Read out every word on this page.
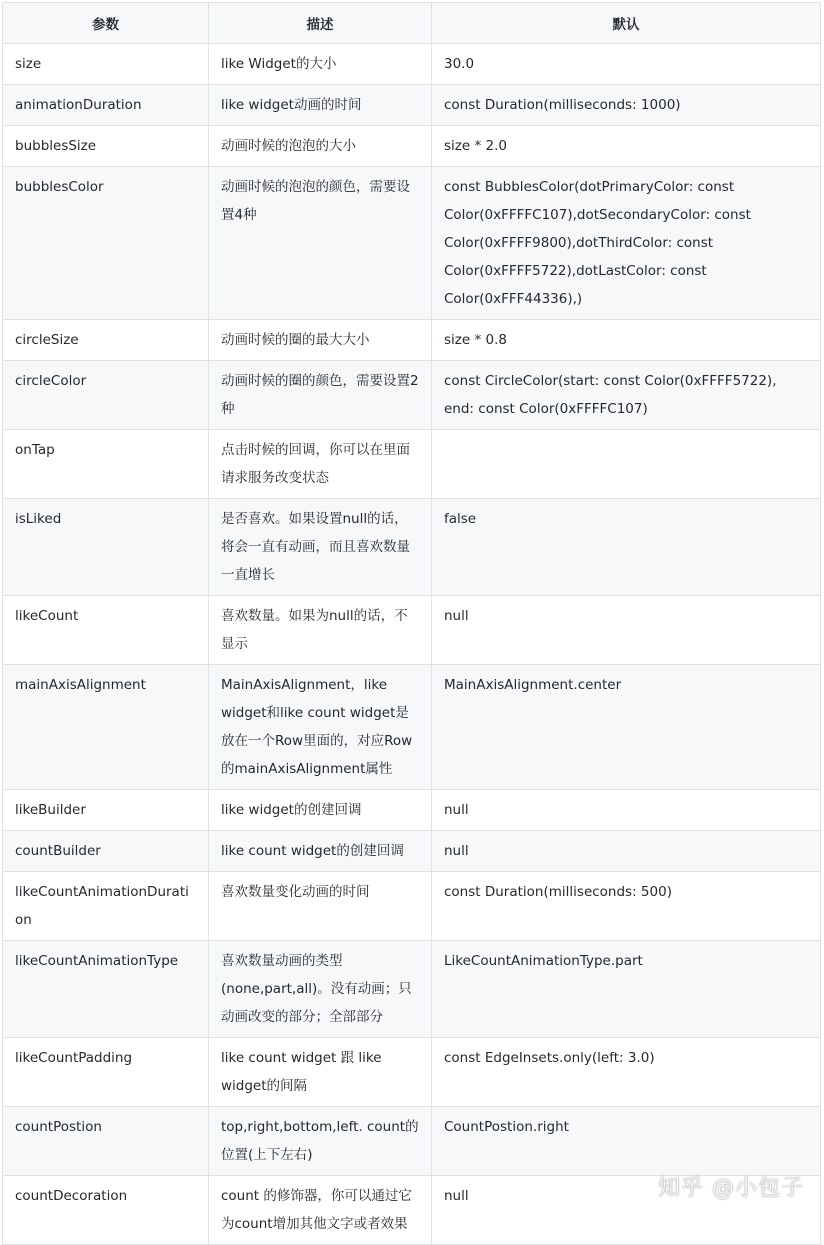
参数	描述	默认
size	like Widget的大小	30.0
animationDuration	like widget动画的时间	const Duration(milliseconds: 1000)
bubblesSize	动画时候的泡泡的大小	size * 2.0
bubblesColor	动画时候的泡泡的颜色，需要设置4种	const BubblesColor(dotPrimaryColor: const Color(0xFFFFC107),dotSecondaryColor: const Color(0xFFFF9800),dotThirdColor: const Color(0xFFFF5722),dotLastColor: const Color(0xFFF44336),)
circleSize	动画时候的圈的最大大小	size * 0.8
circleColor	动画时候的圈的颜色，需要设置2种	const CircleColor(start: const Color(0xFFFF5722), end: const Color(0xFFFFC107)
onTap	点击时候的回调，你可以在里面请求服务改变状态	
isLiked	是否喜欢。如果设置null的话，将会一直有动画，而且喜欢数量一直增长	false
likeCount	喜欢数量。如果为null的话，不显示	null
mainAxisAlignment	MainAxisAlignment，like widget和like count widget是放在一个Row里面的，对应Row的mainAxisAlignment属性	MainAxisAlignment.center
likeBuilder	like widget的创建回调	null
countBuilder	like count widget的创建回调	null
likeCountAnimationDuration	喜欢数量变化动画的时间	const Duration(milliseconds: 500)
likeCountAnimationType	喜欢数量动画的类型(none,part,all)。没有动画；只动画改变的部分；全部部分	LikeCountAnimationType.part
likeCountPadding	like count widget 跟 like widget的间隔	const EdgeInsets.only(left: 3.0)
countPostion	top,right,bottom,left. count的位置(上下左右)	CountPostion.right
countDecoration	count 的修饰器，你可以通过它为count增加其他文字或者效果	null	知乎 @小包子
